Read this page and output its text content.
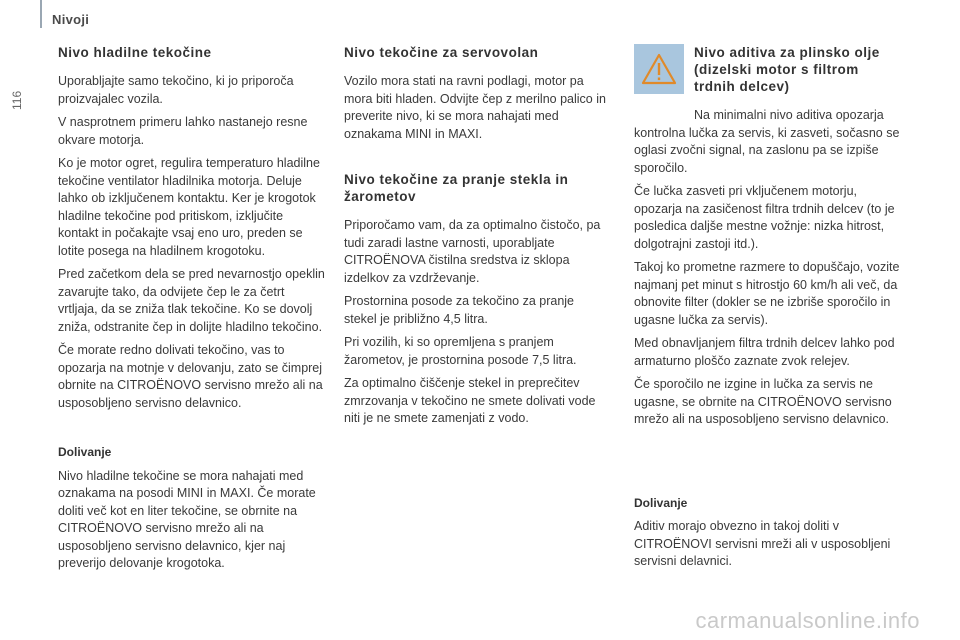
Nivoji
116
Nivo hladilne tekočine

Uporabljajte samo tekočino, ki jo priporoča proizvajalec vozila.

V nasprotnem primeru lahko nastanejo resne okvare motorja.

Ko je motor ogret, regulira temperaturo hladilne tekočine ventilator hladilnika motorja. Deluje lahko ob izključenem kontaktu. Ker je krogotok hladilne tekočine pod pritiskom, izključite kontakt in počakajte vsaj eno uro, preden se lotite posega na hladilnem krogotoku.

Pred začetkom dela se pred nevarnostjo opeklin zavarujte tako, da odvijete čep le za četrt vrtljaja, da se zniža tlak tekočine. Ko se dovolj zniža, odstranite čep in dolijte hladilno tekočino.

Če morate redno dolivati tekočino, vas to opozarja na motnje v delovanju, zato se čimprej obrnite na CITROËNOVO servisno mrežo ali na usposobljeno servisno delavnico.

Dolivanje

Nivo hladilne tekočine se mora nahajati med oznakama na posodi MINI in MAXI. Če morate doliti več kot en liter tekočine, se obrnite na CITROËNOVO servisno mrežo ali na usposobljeno servisno delavnico, kjer naj preverijo delovanje krogotoka.

Nivo tekočine za servovolan

Vozilo mora stati na ravni podlagi, motor pa mora biti hladen. Odvijte čep z merilno palico in preverite nivo, ki se mora nahajati med oznakama MINI in MAXI.

Nivo tekočine za pranje stekla in žarometov

Priporočamo vam, da za optimalno čistočo, pa tudi zaradi lastne varnosti, uporabljate CITROËNOVA čistilna sredstva iz sklopa izdelkov za vzdrževanje.

Prostornina posode za tekočino za pranje stekel je približno 4,5 litra.

Pri vozilih, ki so opremljena s pranjem žarometov, je prostornina posode 7,5 litra.

Za optimalno čiščenje stekel in preprečitev zmrzovanja v tekočino ne smete dolivati vode niti je ne smete zamenjati z vodo.

Nivo aditiva za plinsko olje (dizelski motor s filtrom trdnih delcev)

Na minimalni nivo aditiva opozarja kontrolna lučka za servis, ki zasveti, sočasno se oglasi zvočni signal, na zaslonu pa se izpiše sporočilo.

Če lučka zasveti pri vključenem motorju, opozarja na zasičenost filtra trdnih delcev (to je posledica daljše mestne vožnje: nizka hitrost, dolgotrajni zastoji itd.).

Takoj ko prometne razmere to dopuščajo, vozite najmanj pet minut s hitrostjo 60 km/h ali več, da obnovite filter (dokler se ne izbriše sporočilo in ugasne lučka za servis).

Med obnavljanjem filtra trdnih delcev lahko pod armaturno ploščo zaznate zvok relejev.

Če sporočilo ne izgine in lučka za servis ne ugasne, se obrnite na CITROËNOVO servisno mrežo ali na usposobljeno servisno delavnico.

Dolivanje

Aditiv morajo obvezno in takoj doliti v CITROËNOVI servisni mreži ali v usposobljeni servisni delavnici.

carmanualsonline.info
